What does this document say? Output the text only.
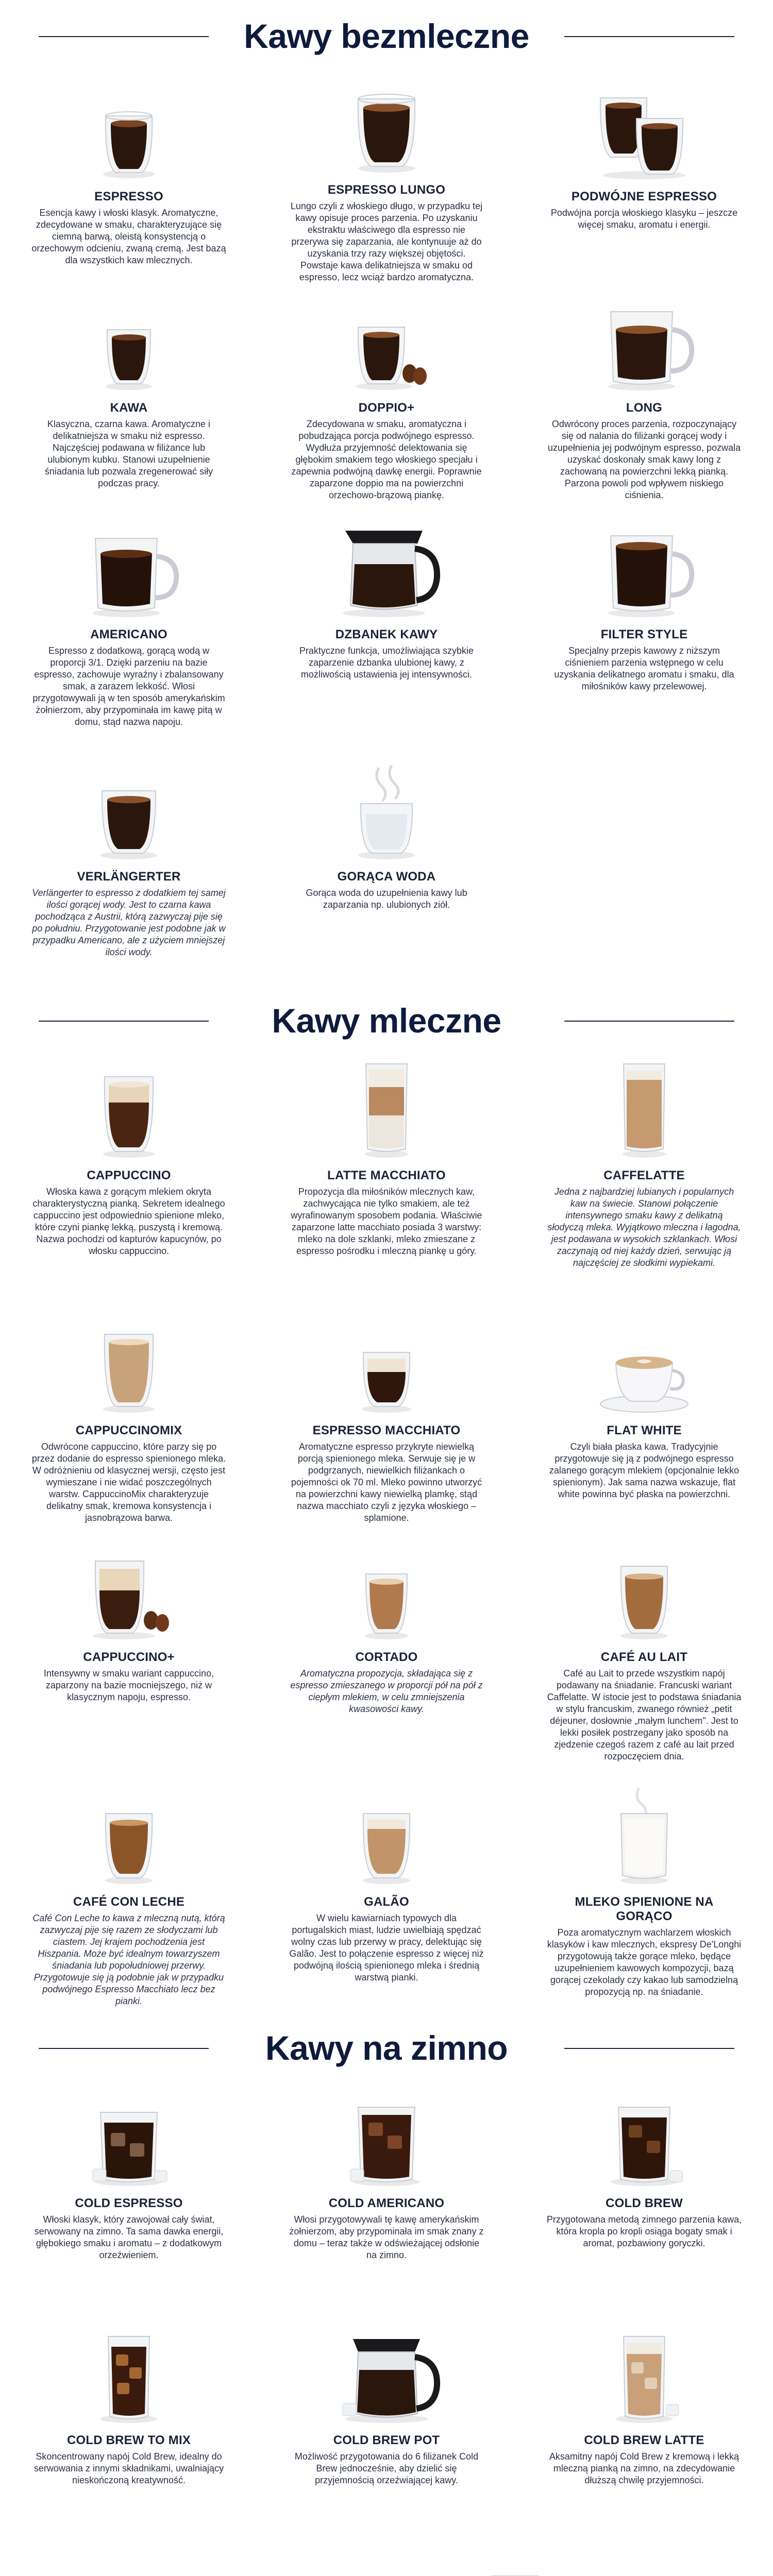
Kawy bezmleczne
ESPRESSO
Esencja kawy i włoski klasyk. Aromatyczne, zdecydowane w smaku, charakteryzujące się ciemną barwą, oleistą konsystencją o orzechowym odcieniu, zwaną cremą. Jest bazą dla wszystkich kaw mlecznych.
ESPRESSO LUNGO
Lungo czyli z włoskiego długo, w przypadku tej kawy opisuje proces parzenia. Po uzyskaniu ekstraktu właściwego dla espresso nie przerywa się zaparzania, ale kontynuuje aż do uzyskania trzy razy większej objętości. Powstaje kawa delikatniejsza w smaku od espresso, lecz wciąż bardzo aromatyczna.
PODWÓJNE ESPRESSO
Podwójna porcja włoskiego klasyku – jeszcze więcej smaku, aromatu i energii.
KAWA
Klasyczna, czarna kawa. Aromatyczne i delikatniejsza w smaku niż espresso. Najczęściej podawana w filiżance lub ulubionym kubku. Stanowi uzupełnienie śniadania lub pozwala zregenerować siły podczas pracy.
DOPPIO+
Zdecydowana w smaku, aromatyczna i pobudzająca porcja podwójnego espresso. Wydłuża przyjemność delektowania się głębokim smakiem tego włoskiego specjału i zapewnia podwójną dawkę energii. Poprawnie zaparzone doppio ma na powierzchni orzechowo-brązową piankę.
LONG
Odwrócony proces parzenia, rozpoczynający się od nalania do filiżanki gorącej wody i uzupełnienia jej podwójnym espresso, pozwala uzyskać doskonały smak kawy long z zachowaną na powierzchni lekką pianką. Parzona powoli pod wpływem niskiego ciśnienia.
AMERICANO
Espresso z dodatkową, gorącą wodą w proporcji 3/1. Dzięki parzeniu na bazie espresso, zachowuje wyraźny i zbalansowany smak, a zarazem lekkość. Włosi przygotowywali ją w ten sposób amerykańskim żołnierzom, aby przypominała im kawę pitą w domu, stąd nazwa napoju.
DZBANEK KAWY
Praktyczne funkcja, umożliwiająca szybkie zaparzenie dzbanka ulubionej kawy, z możliwością ustawienia jej intensywności.
FILTER STYLE
Specjalny przepis kawowy z niższym ciśnieniem parzenia wstępnego w celu uzyskania delikatnego aromatu i smaku, dla miłośników kawy przelewowej.
VERLÄNGERTER
Verlängerter to espresso z dodatkiem tej samej ilości gorącej wody. Jest to czarna kawa pochodząca z Austrii, którą zazwyczaj pije się po południu. Przygotowanie jest podobne jak w przypadku Americano, ale z użyciem mniejszej ilości wody.
GORĄCA WODA
Gorąca woda do uzupełnienia kawy lub zaparzania np. ulubionych ziół.
Kawy mleczne
CAPPUCCINO
Włoska kawa z gorącym mlekiem okryta charakterystyczną pianką. Sekretem idealnego cappuccino jest odpowiednio spienione mleko, które czyni piankę lekką, puszystą i kremową. Nazwa pochodzi od kapturów kapucynów, po włosku cappuccino.
LATTE MACCHIATO
Propozycja dla miłośników mlecznych kaw, zachwycająca nie tylko smakiem, ale też wyrafinowanym sposobem podania. Właściwie zaparzone latte macchiato posiada 3 warstwy: mleko na dole szklanki, mleko zmieszane z espresso pośrodku i mleczną piankę u góry.
CAFFELATTE
Jedna z najbardziej lubianych i popularnych kaw na świecie. Stanowi połączenie intensywnego smaku kawy z delikatną słodyczą mleka. Wyjątkowo mleczna i łagodna, jest podawana w wysokich szklankach. Włosi zaczynają od niej każdy dzień, serwując ją najczęściej ze słodkimi wypiekami.
CAPPUCCINOMIX
Odwrócone cappuccino, które parzy się po przez dodanie do espresso spienionego mleka. W odróżnieniu od klasycznej wersji, często jest wymieszane i nie widać poszczególnych warstw. CappuccinoMix charakteryzuje delikatny smak, kremowa konsystencja i jasnobrązowa barwa.
ESPRESSO MACCHIATO
Aromatyczne espresso przykryte niewielką porcją spienionego mleka. Serwuje się je w podgrzanych, niewielkich filiżankach o pojemności ok 70 ml. Mleko powinno utworzyć na powierzchni kawy niewielką plamkę, stąd nazwa macchiato czyli z języka włoskiego – splamione.
FLAT WHITE
Czyli biała płaska kawa. Tradycyjnie przygotowuje się ją z podwójnego espresso zalanego gorącym mlekiem (opcjonalnie lekko spienionym). Jak sama nazwa wskazuje, flat white powinna być płaska na powierzchni.
CAPPUCCINO+
Intensywny w smaku wariant cappuccino, zaparzony na bazie mocniejszego, niż w klasycznym napoju, espresso.
CORTADO
Aromatyczna propozycja, składająca się z espresso zmieszanego w proporcji pół na pół z ciepłym mlekiem, w celu zmniejszenia kwasowości kawy.
CAFÉ AU LAIT
Café au Lait to przede wszystkim napój podawany na śniadanie. Francuski wariant Caffelatte. W istocie jest to podstawa śniadania w stylu francuskim, zwanego również „petit déjeuner, dosłownie „małym lunchem". Jest to lekki posiłek postrzegany jako sposób na zjedzenie czegoś razem z café au lait przed rozpoczęciem dnia.
CAFÉ CON LECHE
Café Con Leche to kawa z mleczną nutą, którą zazwyczaj pije się razem ze słodyczami lub ciastem. Jej krajem pochodzenia jest Hiszpania. Może być idealnym towarzyszem śniadania lub popołudniowej przerwy. Przygotowuje się ją podobnie jak w przypadku podwójnego Espresso Macchiato lecz bez pianki.
GALÃO
W wielu kawiarniach typowych dla portugalskich miast, ludzie uwielbiają spędzać wolny czas lub przerwy w pracy, delektując się Galão. Jest to połączenie espresso z więcej niż podwójną ilością spienionego mleka i średnią warstwą pianki.
MLEKO SPIENIONE NA GORĄCO
Poza aromatycznym wachlarzem włoskich klasyków i kaw mlecznych, ekspresy De'Longhi przygotowują także gorące mleko, będące uzupełnieniem kawowych kompozycji, bazą gorącej czekolady czy kakao lub samodzielną propozycją np. na śniadanie.
Kawy na zimno
COLD ESPRESSO
Włoski klasyk, który zawojował cały świat, serwowany na zimno. Ta sama dawka energii, głębokiego smaku i aromatu – z dodatkowym orzeźwieniem.
COLD AMERICANO
Włosi przygotowywali tę kawę amerykańskim żołnierzom, aby przypominała im smak znany z domu – teraz także w odświeżającej odsłonie na zimno.
COLD BREW
Przygotowana metodą zimnego parzenia kawa, która kropla po kropli osiąga bogaty smak i aromat, pozbawiony goryczki.
COLD BREW TO MIX
Skoncentrowany napój Cold Brew, idealny do serwowania z innymi składnikami, uwalniający nieskończoną kreatywność.
COLD BREW POT
Możliwość przygotowania do 6 filiżanek Cold Brew jednocześnie, aby dzielić się przyjemnością orzeźwiającej kawy.
COLD BREW LATTE
Aksamitny napój Cold Brew z kremową i lekką mleczną pianką na zimno, na zdecydowanie dłuższą chwilę przyjemności.
